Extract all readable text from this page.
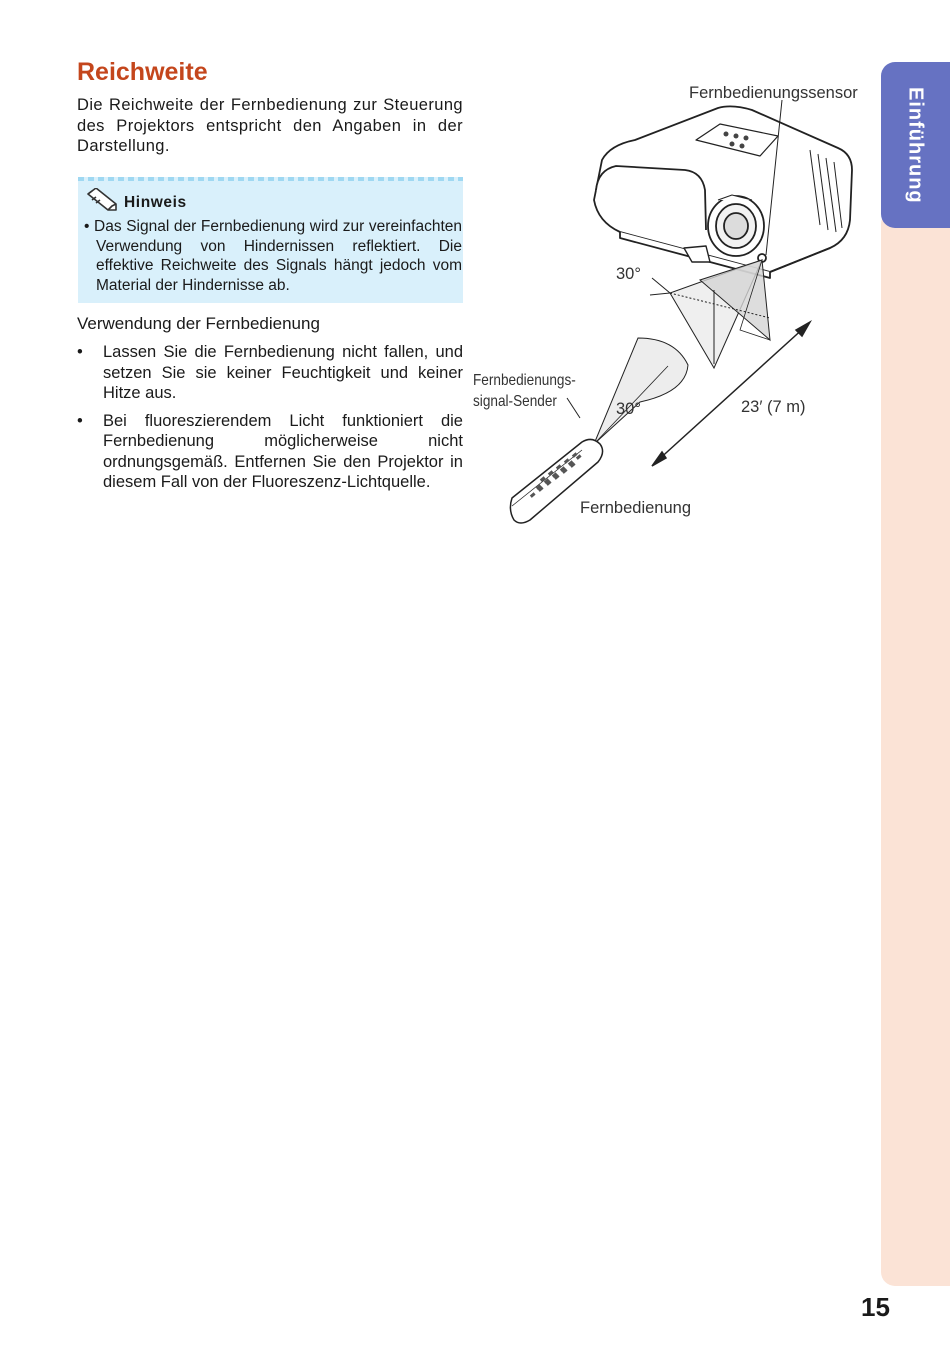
Einführung
Reichweite

Die Reichweite der Fernbedienung zur Steuerung des Projektors entspricht den Angaben in der Darstellung.

Hinweis

• Das Signal der Fernbedienung wird zur vereinfachten Verwendung von Hindernissen reflektiert. Die effektive Reichweite des Signals hängt jedoch vom Material der Hindernisse ab.

Verwendung der Fernbedienung
• Lassen Sie die Fernbedienung nicht fallen, und setzen Sie sie keiner Feuchtigkeit und keiner Hitze aus.
• Bei fluoreszierendem Licht funktioniert die Fernbedienung möglicherweise nicht ordnungsgemäß. Entfernen Sie den Projektor in diesem Fall von der Fluoreszenz-Lichtquelle.
Fernbedienungssensor
30°
30°
Fernbedienungs-
signal-Sender	23′ (7 m)
Fernbedienung
15
